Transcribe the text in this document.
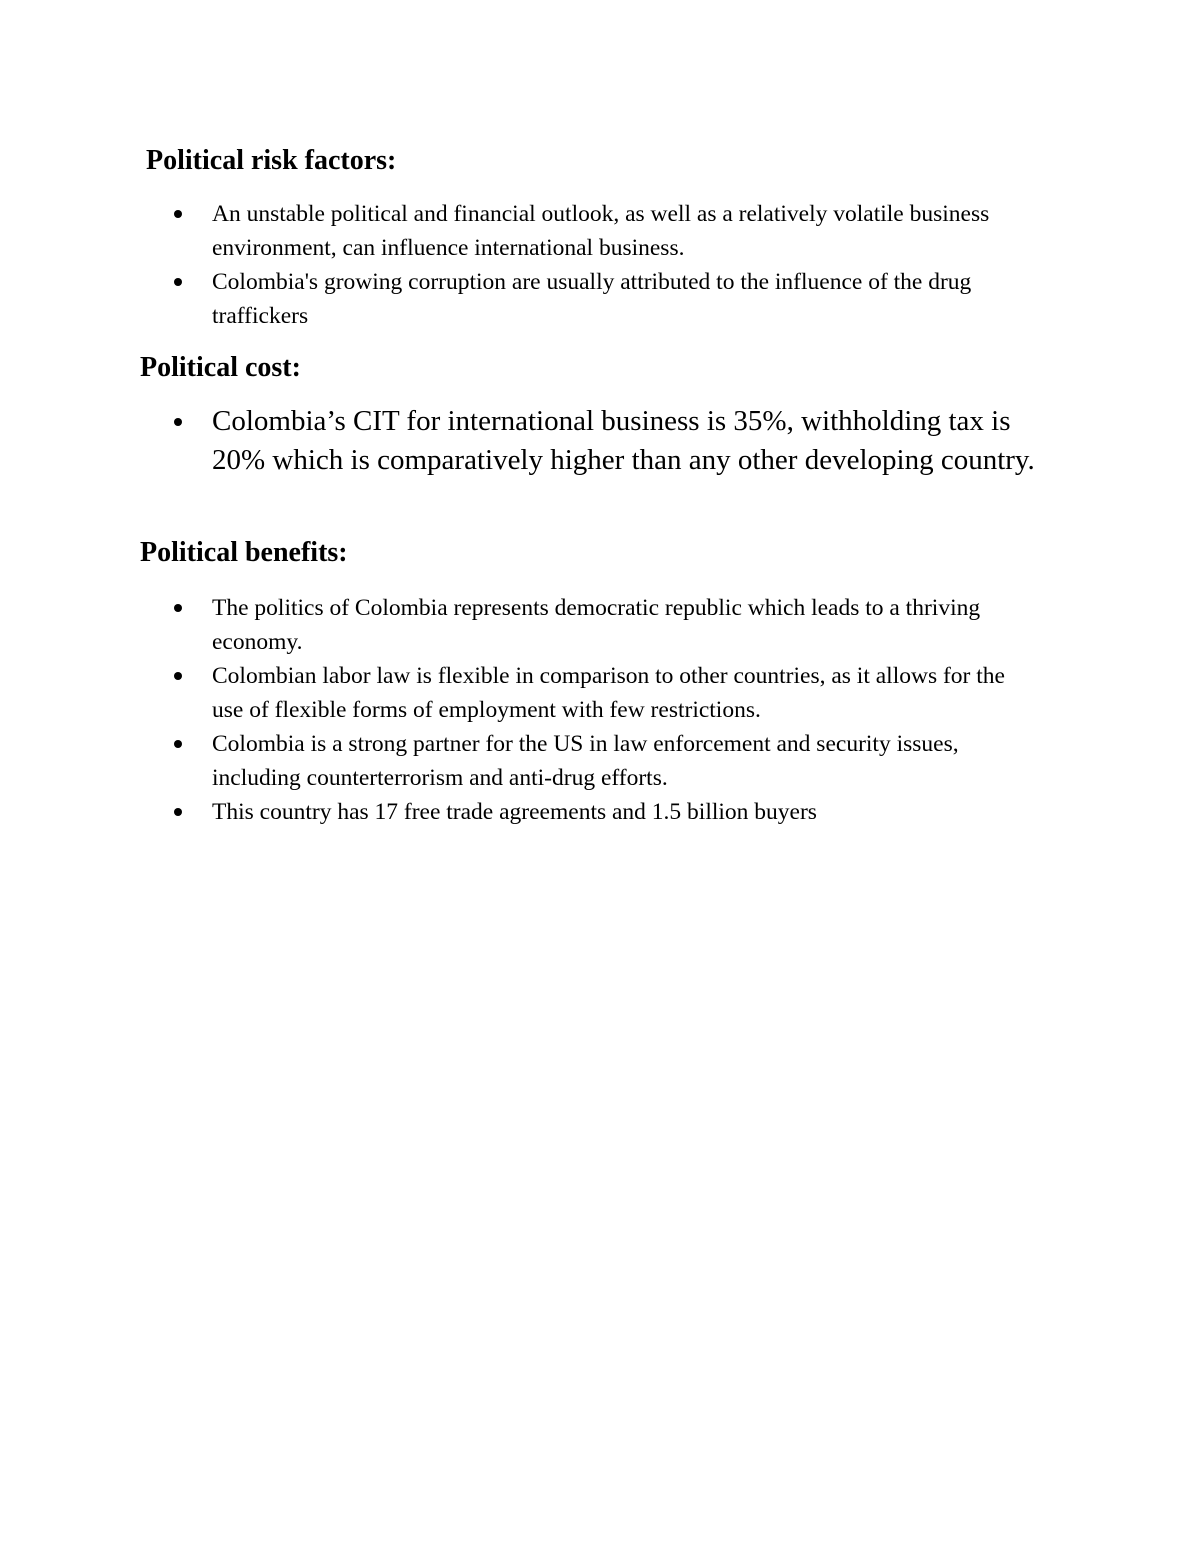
Political risk factors:
An unstable political and financial outlook, as well as a relatively volatile business environment, can influence international business.
Colombia's growing corruption are usually attributed to the influence of the drug traffickers
Political cost:
Colombia’s CIT for international business is 35%, withholding tax is 20% which is comparatively higher than any other developing country.
Political benefits:
The politics of Colombia represents democratic republic which leads to a thriving economy.
Colombian labor law is flexible in comparison to other countries, as it allows for the use of flexible forms of employment with few restrictions.
Colombia is a strong partner for the US in law enforcement and security issues, including counterterrorism and anti-drug efforts.
This country has 17 free trade agreements and 1.5 billion buyers
